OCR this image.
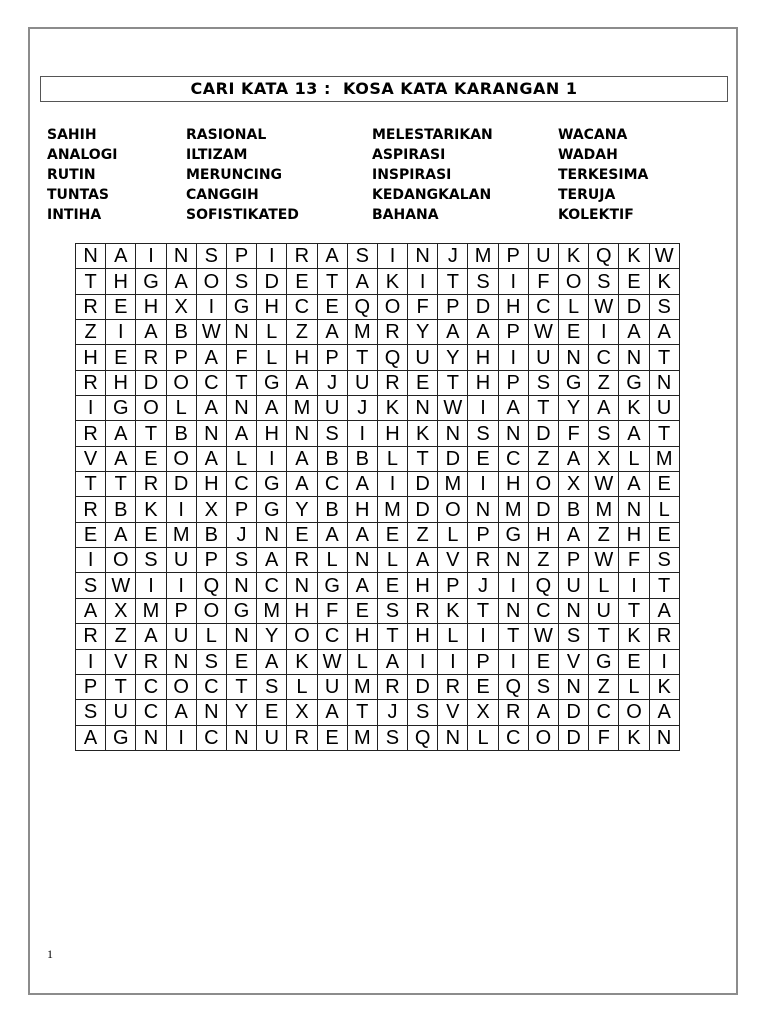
CARI KATA 13 :  KOSA KATA KARANGAN 1
SAHIH
ANALOGI
RUTIN
TUNTAS
INTIHA
RASIONAL
ILTIZAM
MERUNCING
CANGGIH
SOFISTIKATED
MELESTARIKAN
ASPIRASI
INSPIRASI
KEDANGKALAN
BAHANA
WACANA
WADAH
TERKESIMA
TERUJA
KOLEKTIF
N	A	I	N	S	P	I	R	A	S	I	N	J	M	P	U	K	Q	K	W
T	H	G	A	O	S	D	E	T	A	K	I	T	S	I	F	O	S	E	K
R	E	H	X	I	G	H	C	E	Q	O	F	P	D	H	C	L	W	D	S
Z	I	A	B	W	N	L	Z	A	M	R	Y	A	A	P	W	E	I	A	A
H	E	R	P	A	F	L	H	P	T	Q	U	Y	H	I	U	N	C	N	T
R	H	D	O	C	T	G	A	J	U	R	E	T	H	P	S	G	Z	G	N
I	G	O	L	A	N	A	M	U	J	K	N	W	I	A	T	Y	A	K	U
R	A	T	B	N	A	H	N	S	I	H	K	N	S	N	D	F	S	A	T
V	A	E	O	A	L	I	A	B	B	L	T	D	E	C	Z	A	X	L	M
T	T	R	D	H	C	G	A	C	A	I	D	M	I	H	O	X	W	A	E
R	B	K	I	X	P	G	Y	B	H	M	D	O	N	M	D	B	M	N	L
E	A	E	M	B	J	N	E	A	A	E	Z	L	P	G	H	A	Z	H	E
I	O	S	U	P	S	A	R	L	N	L	A	V	R	N	Z	P	W	F	S
S	W	I	I	Q	N	C	N	G	A	E	H	P	J	I	Q	U	L	I	T
A	X	M	P	O	G	M	H	F	E	S	R	K	T	N	C	N	U	T	A
R	Z	A	U	L	N	Y	O	C	H	T	H	L	I	T	W	S	T	K	R
I	V	R	N	S	E	A	K	W	L	A	I	I	P	I	E	V	G	E	I
P	T	C	O	C	T	S	L	U	M	R	D	R	E	Q	S	N	Z	L	K
S	U	C	A	N	Y	E	X	A	T	J	S	V	X	R	A	D	C	O	A
A	G	N	I	C	N	U	R	E	M	S	Q	N	L	C	O	D	F	K	N
1
